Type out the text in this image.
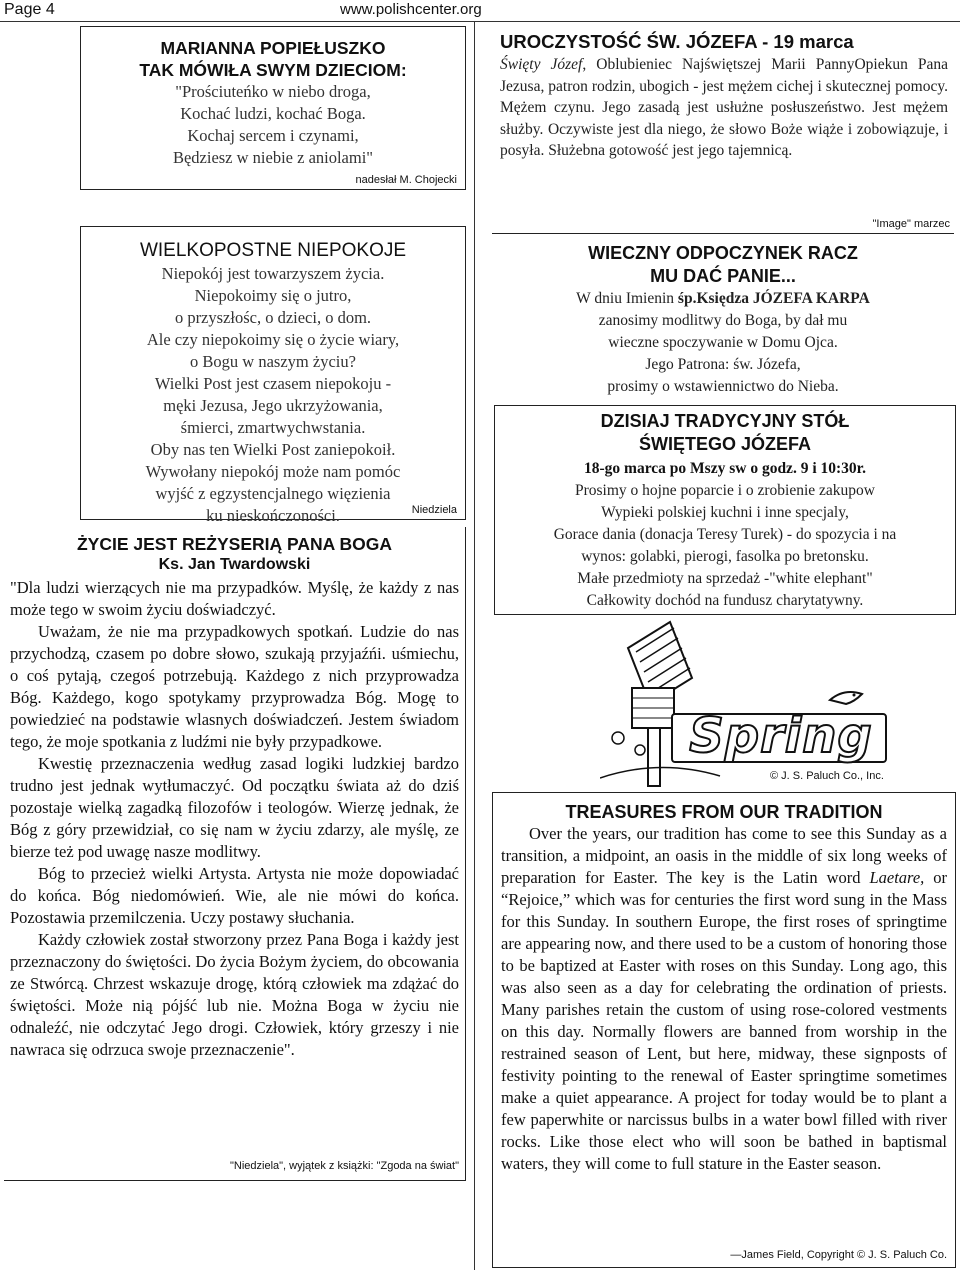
Page 4	www.polishcenter.org
MARIANNA POPIEŁUSZKO
TAK MÓWIŁA SWYM DZIECIOM:
"Prościuteńko w niebo droga,
Kochać ludzi, kochać Boga.
Kochaj sercem i czynami,
Będziesz w niebie z aniolami"
nadesłał M. Chojecki
WIELKOPOSTNE NIEPOKOJE
Niepokój jest towarzyszem życia.
Niepokoimy się o jutro,
o przyszłośc, o dzieci, o dom.
Ale czy niepokoimy się o życie wiary,
o Bogu w naszym życiu?
Wielki Post jest czasem niepokoju -
męki Jezusa, Jego ukrzyżowania,
śmierci, zmartwychwstania.
Oby nas ten Wielki Post zaniepokoił.
Wywołany niepokój może nam pomóc
wyjść z egzystencjalnego więzienia
ku nieskończoności.	Niedziela
ŻYCIE JEST REŻYSERIĄ PANA BOGA
Ks. Jan Twardowski

"Dla ludzi wierzących nie ma przypadków. Myślę, że każdy z nas może tego w swoim życiu doświadczyć.

Uważam, że nie ma przypadkowych spotkań. Ludzie do nas przychodzą, czasem po dobre słowo, szukają przyjaźńi. uśmiechu, o coś pytają, czegoś potrzebują. Każdego z nich przyprowadza Bóg. Każdego, kogo spotykamy przyprowadza Bóg. Mogę to powiedzieć na podstawie wlasnych doświadczeń. Jestem świadom tego, że moje spotkania z ludźmi nie były przypadkowe.

Kwestię przeznaczenia według zasad logiki ludzkiej bardzo trudno jest jednak wytłumaczyć. Od początku świata aż do dziś pozostaje wielką zagadką filozofów i teologów. Wierzę jednak, że Bóg z góry przewidział, co się nam w życiu zdarzy, ale myślę, ze bierze też pod uwagę nasze modlitwy.

Bóg to przecież wielki Artysta. Artysta nie może dopowiadać do końca. Bóg niedomówień. Wie, ale nie mówi do końca. Pozostawia przemilczenia. Uczy postawy słuchania.

Każdy człowiek został stworzony przez Pana Boga i każdy jest przeznaczony do świętości. Do życia Bożym życiem, do obcowania ze Stwórcą. Chrzest wskazuje drogę, którą człowiek ma zdążać do świętości. Może nią pójść lub nie. Można Boga w życiu nie odnaleźć, nie odczytać Jego drogi. Człowiek, który grzeszy i nie nawraca się odrzuca swoje przeznaczenie".

"Niedziela", wyjątek z książki: "Zgoda na świat"
UROCZYSTOŚĆ ŚW. JÓZEFA - 19 marca
Święty Józef, Oblubieniec Najświętszej Marii PannyOpiekun Pana Jezusa, patron rodzin, ubogich - jest mężem cichej i skutecznej pomocy. Mężem czynu. Jego zasadą jest usłużne posłuszeństwo. Jest mężem służby. Oczywiste jest dla niego, że słowo Boże wiąże i zobowiązuje, i posyła. Służebna gotowość jest jego tajemnicą.
"Image" marzec
WIECZNY ODPOCZYNEK RACZ
MU DAĆ PANIE...
W dniu Imienin śp.Księdza JÓZEFA KARPA
zanosimy modlitwy do Boga, by dał mu
wieczne spoczywanie w Domu Ojca.
Jego Patrona: św. Józefa,
prosimy o wstawiennictwo do Nieba.
DZISIAJ TRADYCYJNY STÓŁ
ŚWIĘTEGO JÓZEFA
18-go marca po Mszy sw o godz. 9 i 10:30r.
Prosimy o hojne poparcie i o zrobienie zakupow
Wypieki polskiej kuchni i inne specjaly,
Gorace dania (donacja Teresy Turek) - do spozycia i na
wynos: golabki, pierogi, fasolka po bretonsku.
Małe przedmioty na sprzedaż -"white elephant"
Całkowity dochód na fundusz charytatywny.
Spring
© J. S. Paluch Co., Inc.
TREASURES FROM OUR TRADITION

Over the years, our tradition has come to see this Sunday as a transition, a midpoint, an oasis in the middle of six long weeks of preparation for Easter. The key is the Latin word Laetare, or “Rejoice,” which was for centuries the first word sung in the Mass for this Sunday. In southern Europe, the first roses of springtime are appearing now, and there used to be a custom of honoring those to be baptized at Easter with roses on this Sunday. Long ago, this was also seen as a day for celebrating the ordination of priests. Many parishes retain the custom of using rose-colored vestments on this day. Normally flowers are banned from worship in the restrained season of Lent, but here, midway, these signposts of festivity pointing to the renewal of Easter springtime sometimes make a quiet appearance. A project for today would be to plant a few paperwhite or narcissus bulbs in a water bowl filled with river rocks. Like those elect who will soon be bathed in baptismal waters, they will come to full stature in the Easter season.

—James Field, Copyright © J. S. Paluch Co.
